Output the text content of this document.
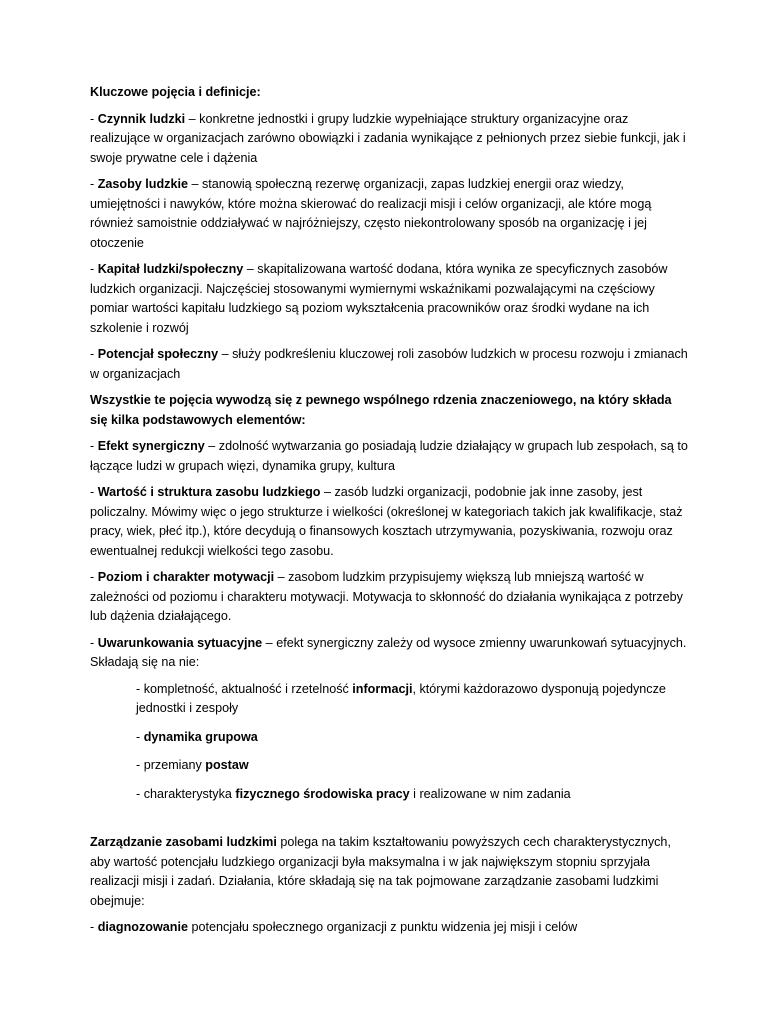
Kluczowe pojęcia i definicje:

- Czynnik ludzki – konkretne jednostki i grupy ludzkie wypełniające struktury organizacyjne oraz realizujące w organizacjach zarówno obowiązki i zadania wynikające z pełnionych przez siebie funkcji, jak i swoje prywatne cele i dążenia

- Zasoby ludzkie – stanowią społeczną rezerwę organizacji, zapas ludzkiej energii oraz wiedzy, umiejętności i nawyków, które można skierować do realizacji misji i celów organizacji, ale które mogą również samoistnie oddziaływać w najróżniejszy, często niekontrolowany sposób na organizację i jej otoczenie

- Kapitał ludzki/społeczny – skapitalizowana wartość dodana, która wynika ze specyficznych zasobów ludzkich organizacji. Najczęściej stosowanymi wymiernymi wskaźnikami pozwalającymi na częściowy pomiar wartości kapitału ludzkiego są poziom wykształcenia pracowników oraz środki wydane na ich szkolenie i rozwój

- Potencjał społeczny – służy podkreśleniu kluczowej roli zasobów ludzkich w procesu rozwoju i zmianach w organizacjach

Wszystkie te pojęcia wywodzą się z pewnego wspólnego rdzenia znaczeniowego, na który składa się kilka podstawowych elementów:

- Efekt synergiczny – zdolność wytwarzania go posiadają ludzie działający w grupach lub zespołach, są to łączące ludzi w grupach więzi, dynamika grupy, kultura

- Wartość i struktura zasobu ludzkiego – zasób ludzki organizacji, podobnie jak inne zasoby, jest policzalny. Mówimy więc o jego strukturze i wielkości (określonej w kategoriach takich jak kwalifikacje, staż pracy, wiek, płeć itp.), które decydują o finansowych kosztach utrzymywania, pozyskiwania, rozwoju oraz ewentualnej redukcji wielkości tego zasobu.

- Poziom i charakter motywacji – zasobom ludzkim przypisujemy większą lub mniejszą wartość w zależności od poziomu i charakteru motywacji. Motywacja to skłonność do działania wynikająca z potrzeby lub dążenia działającego.

- Uwarunkowania sytuacyjne – efekt synergiczny zależy od wysoce zmienny uwarunkowań sytuacyjnych. Składają się na nie:

- kompletność, aktualność i rzetelność informacji, którymi każdorazowo dysponują pojedyncze jednostki i zespoły

- dynamika grupowa

- przemiany postaw

- charakterystyka fizycznego środowiska pracy i realizowane w nim zadania

Zarządzanie zasobami ludzkimi polega na takim kształtowaniu powyższych cech charakterystycznych, aby wartość potencjału ludzkiego organizacji była maksymalna i w jak największym stopniu sprzyjała realizacji misji i zadań. Działania, które składają się na tak pojmowane zarządzanie zasobami ludzkimi obejmuje:

- diagnozowanie potencjału społecznego organizacji z punktu widzenia jej misji i celów
